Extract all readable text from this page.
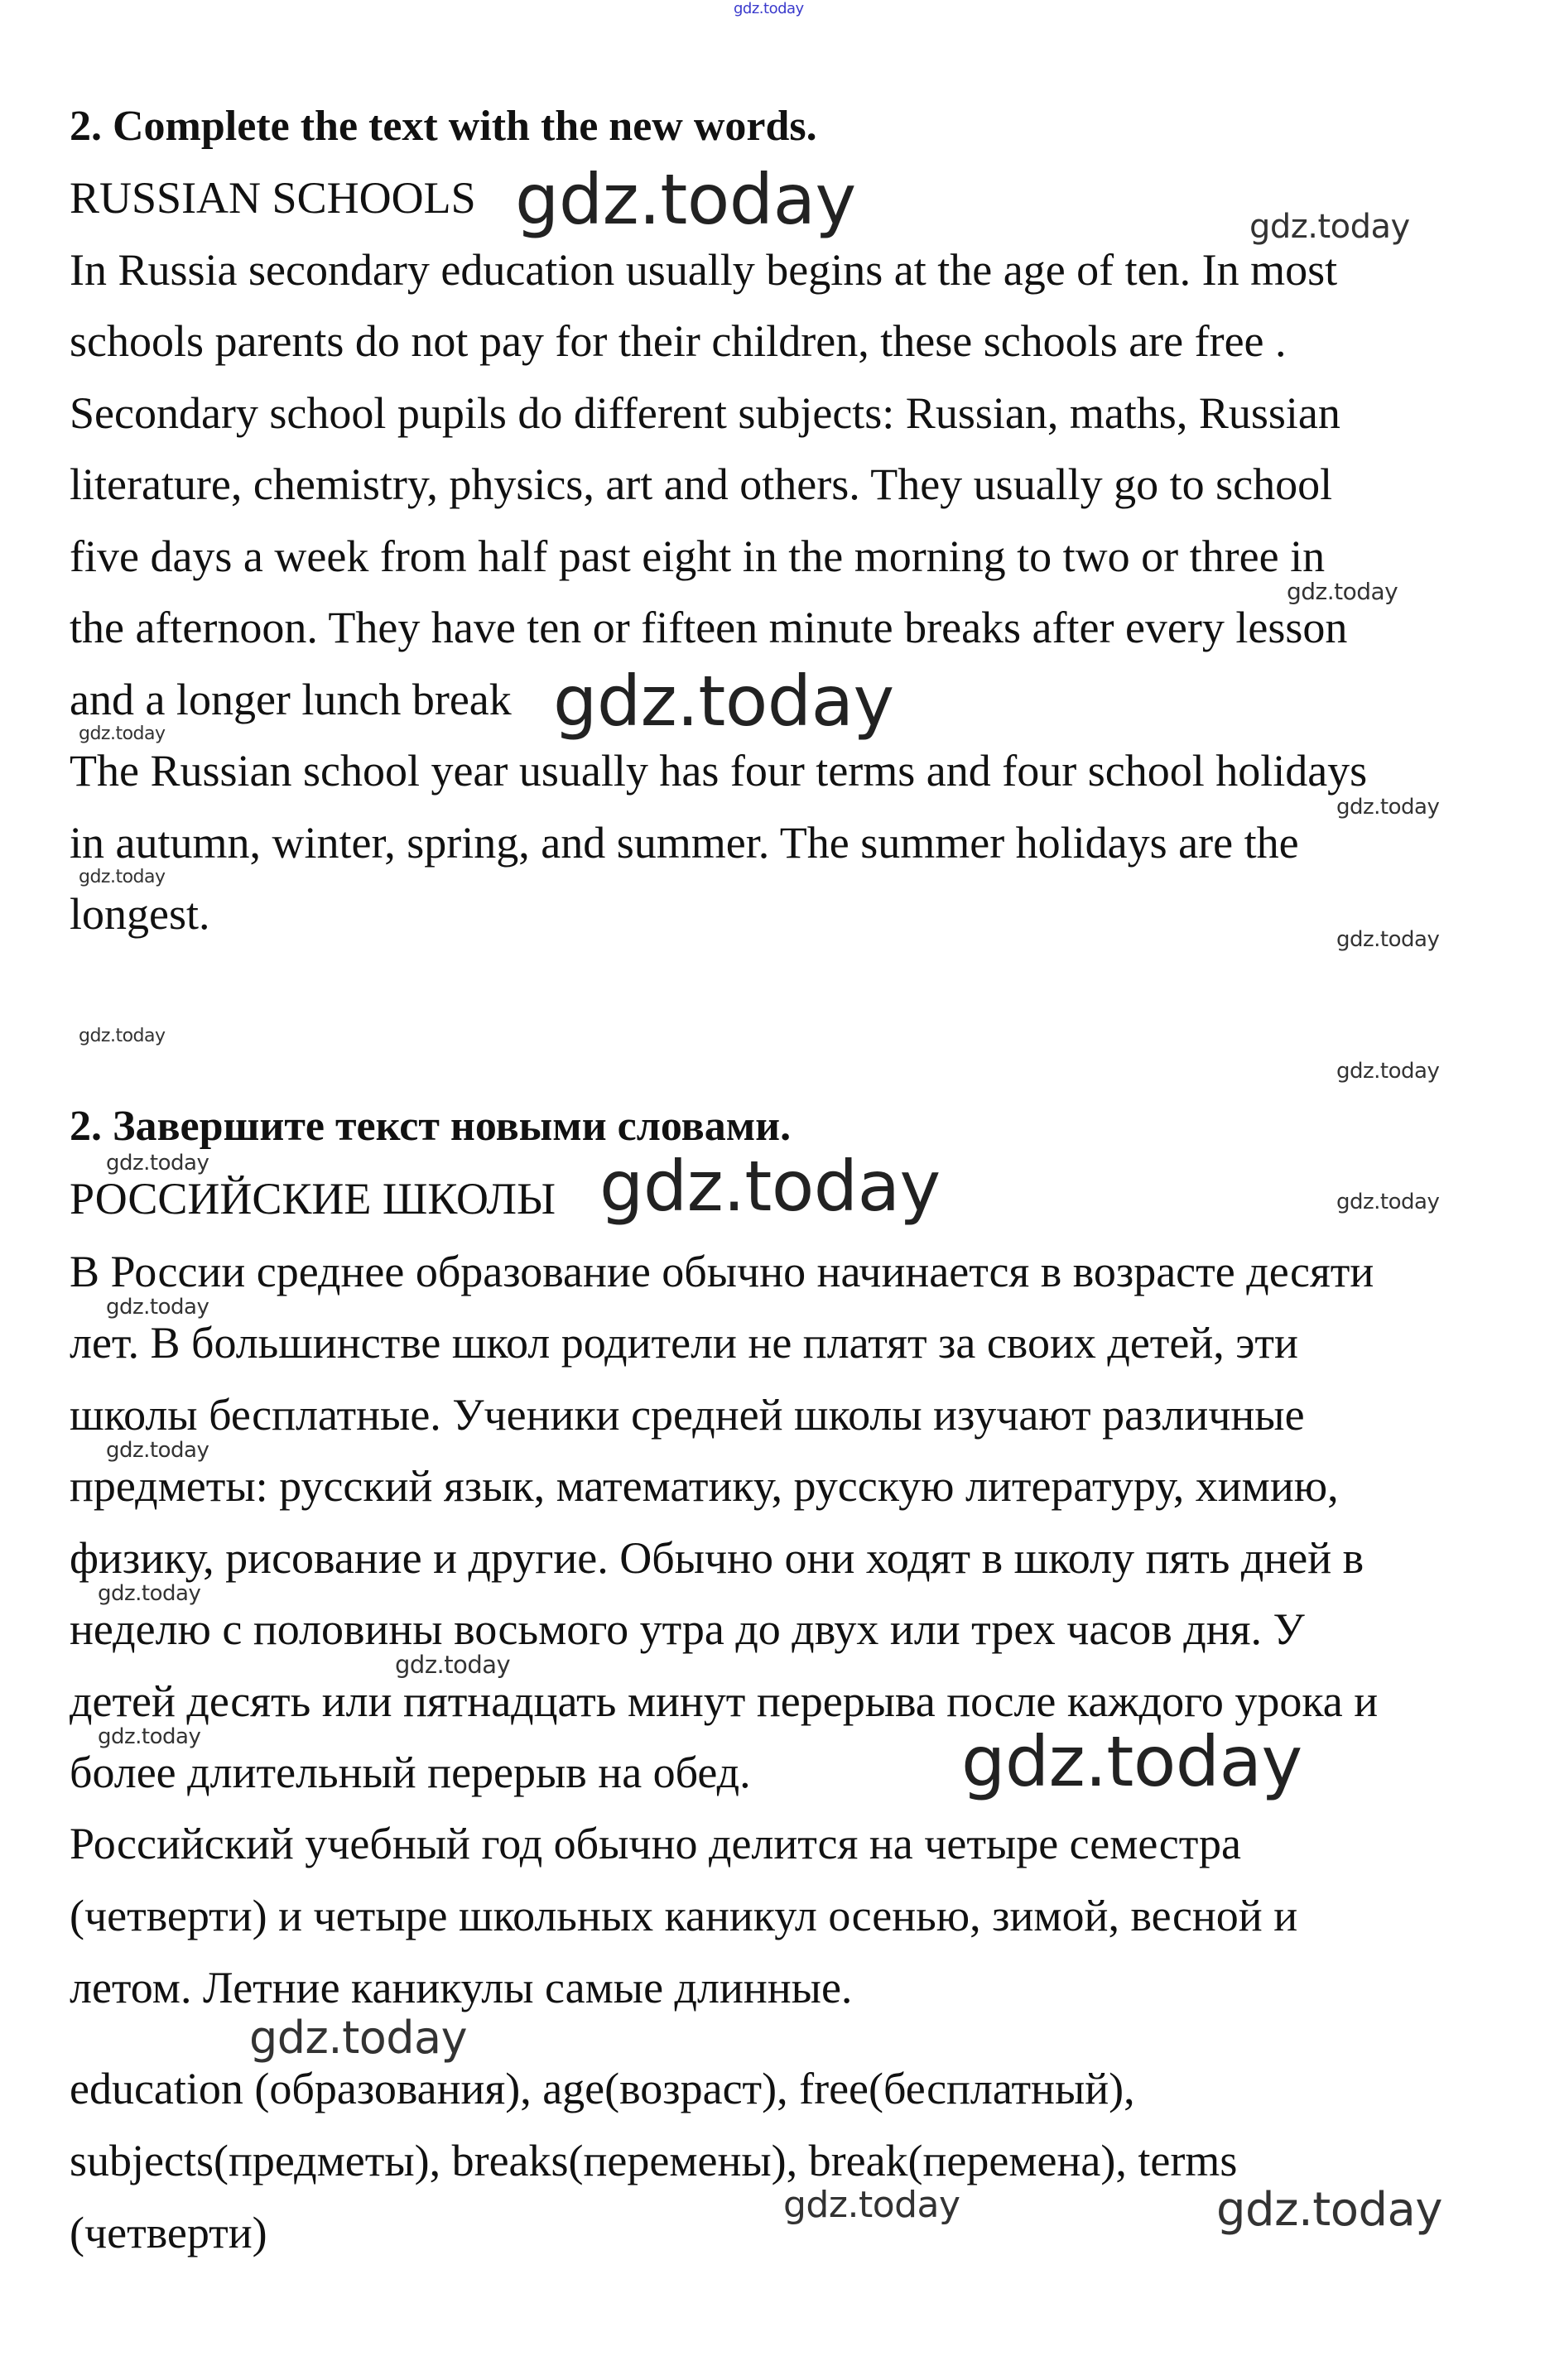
2. Complete the text with the new words.
RUSSIAN SCHOOLS
In Russia secondary education usually begins at the age of ten. In most
schools parents do not pay for their children, these schools are free .
Secondary school pupils do different subjects: Russian, maths, Russian
literature, chemistry, physics, art and others. They usually go to school
five days a week from half past eight in the morning to two or three in
the afternoon. They have ten or fifteen minute breaks after every lesson
and a longer lunch break
The Russian school year usually has four terms and four school holidays
in autumn, winter, spring, and summer. The summer holidays are the
longest.
2. Завершите текст новыми словами.
РОССИЙСКИЕ ШКОЛЫ
В России среднее образование обычно начинается в возрасте десяти
лет. В большинстве школ родители не платят за своих детей, эти
школы бесплатные. Ученики средней школы изучают различные
предметы: русский язык, математику, русскую литературу, химию,
физику, рисование и другие. Обычно они ходят в школу пять дней в
неделю с половины восьмого утра до двух или трех часов дня. У
детей десять или пятнадцать минут перерыва после каждого урока и
более длительный перерыв на обед.
Российский учебный год обычно делится на четыре семестра
(четверти) и четыре школьных каникул осенью, зимой, весной и
летом. Летние каникулы самые длинные.
education (образования), age(возраст), free(бесплатный),
subjects(предметы), breaks(перемены), break(перемена), terms
(четверти)
gdz.today
gdz.today
gdz.today
gdz.today
gdz.today
gdz.today
gdz.today
gdz.today
gdz.today	gdz.today
gdz.today
gdz.today
gdz.today
gdz.today
gdz.today
gdz.today
gdz.today
gdz.today
gdz.today
gdz.today
gdz.today
gdz.today
gdz.today
